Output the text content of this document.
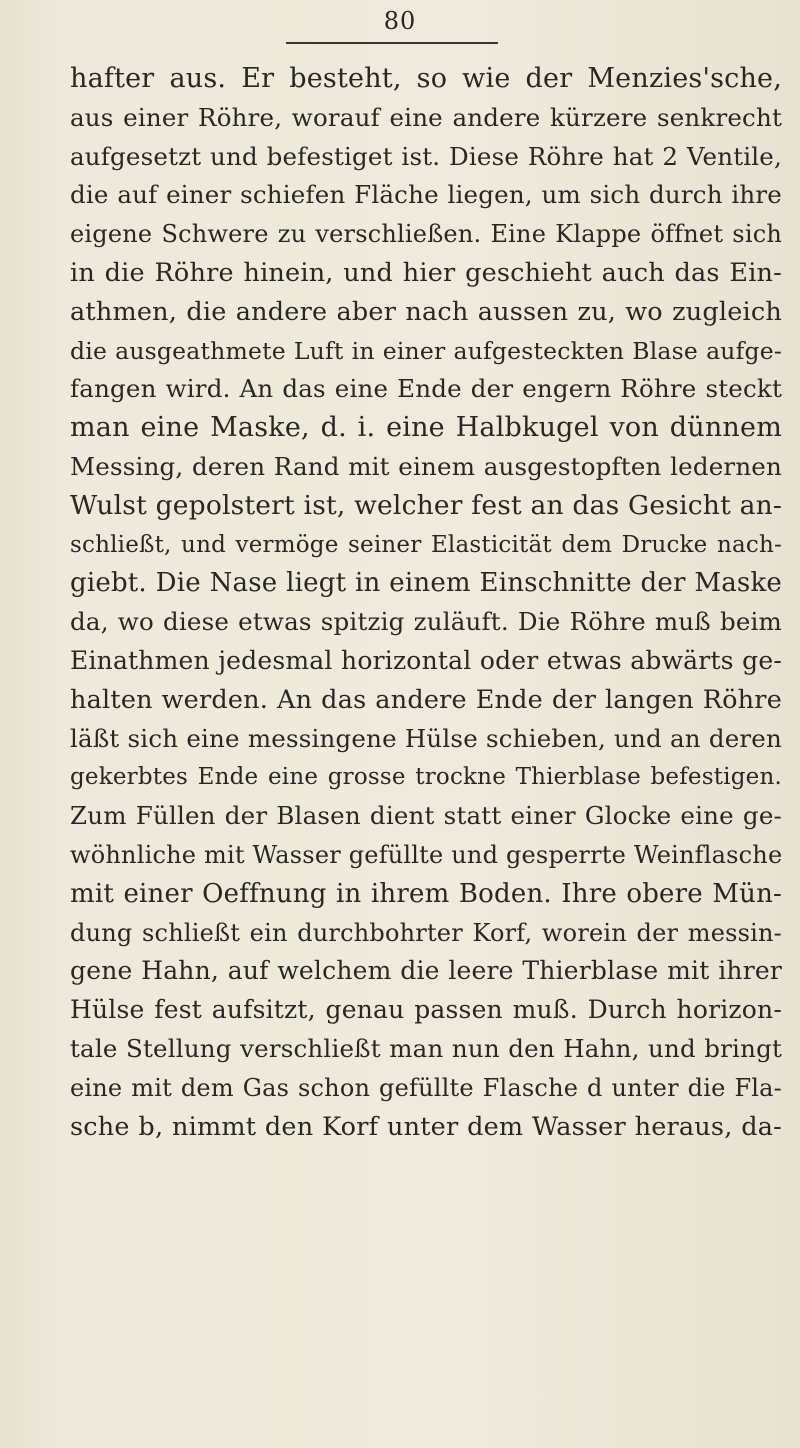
80
hafter aus. Er besteht, so wie der Menzies'sche,
aus einer Röhre, worauf eine andere kürzere senkrecht
aufgesetzt und befestiget ist. Diese Röhre hat 2 Ventile,
die auf einer schiefen Fläche liegen, um sich durch ihre
eigene Schwere zu verschließen. Eine Klappe öffnet sich
in die Röhre hinein, und hier geschieht auch das Ein-
athmen, die andere aber nach aussen zu, wo zugleich
die ausgeathmete Luft in einer aufgesteckten Blase aufge-
fangen wird. An das eine Ende der engern Röhre steckt
man eine Maske, d. i. eine Halbkugel von dünnem
Messing, deren Rand mit einem ausgestopften ledernen
Wulst gepolstert ist, welcher fest an das Gesicht an-
schließt, und vermöge seiner Elasticität dem Drucke nach-
giebt. Die Nase liegt in einem Einschnitte der Maske
da, wo diese etwas spitzig zuläuft. Die Röhre muß beim
Einathmen jedesmal horizontal oder etwas abwärts ge-
halten werden. An das andere Ende der langen Röhre
läßt sich eine messingene Hülse schieben, und an deren
gekerbtes Ende eine grosse trockne Thierblase befestigen.
Zum Füllen der Blasen dient statt einer Glocke eine ge-
wöhnliche mit Wasser gefüllte und gesperrte Weinflasche
mit einer Oeffnung in ihrem Boden. Ihre obere Mün-
dung schließt ein durchbohrter Korf, worein der messin-
gene Hahn, auf welchem die leere Thierblase mit ihrer
Hülse fest aufsitzt, genau passen muß. Durch horizon-
tale Stellung verschließt man nun den Hahn, und bringt
eine mit dem Gas schon gefüllte Flasche d unter die Fla-
sche b, nimmt den Korf unter dem Wasser heraus, da-
